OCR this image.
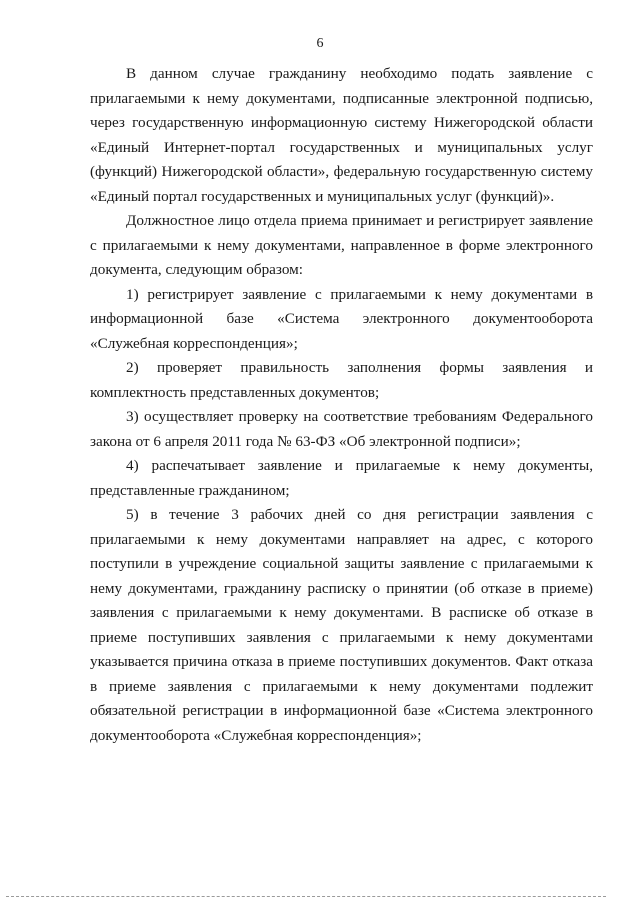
6

В данном случае гражданину необходимо подать заявление с прилагаемыми к нему документами, подписанные электронной подписью, через государственную информационную систему Нижегородской области «Единый Интернет-портал государственных и муниципальных услуг (функций) Нижегородской области», федеральную государственную систему «Единый портал государственных и муниципальных услуг (функций)».

Должностное лицо отдела приема принимает и регистрирует заявление с прилагаемыми к нему документами, направленное в форме электронного документа, следующим образом:

1) регистрирует заявление с прилагаемыми к нему документами в информационной базе «Система электронного документооборота «Служебная корреспонденция»;

2) проверяет правильность заполнения формы заявления и комплектность представленных документов;

3) осуществляет проверку на соответствие требованиям Федерального закона от 6 апреля 2011 года № 63-ФЗ «Об электронной подписи»;

4) распечатывает заявление и прилагаемые к нему документы, представленные гражданином;

5) в течение 3 рабочих дней со дня регистрации заявления с прилагаемыми к нему документами направляет на адрес, с которого поступили в учреждение социальной защиты заявление с прилагаемыми к нему документами, гражданину расписку о принятии (об отказе в приеме) заявления с прилагаемыми к нему документами. В расписке об отказе в приеме поступивших заявления с прилагаемыми к нему документами указывается причина отказа в приеме поступивших документов. Факт отказа в приеме заявления с прилагаемыми к нему документами подлежит обязательной регистрации в информационной базе «Система электронного документооборота «Служебная корреспонденция»;
